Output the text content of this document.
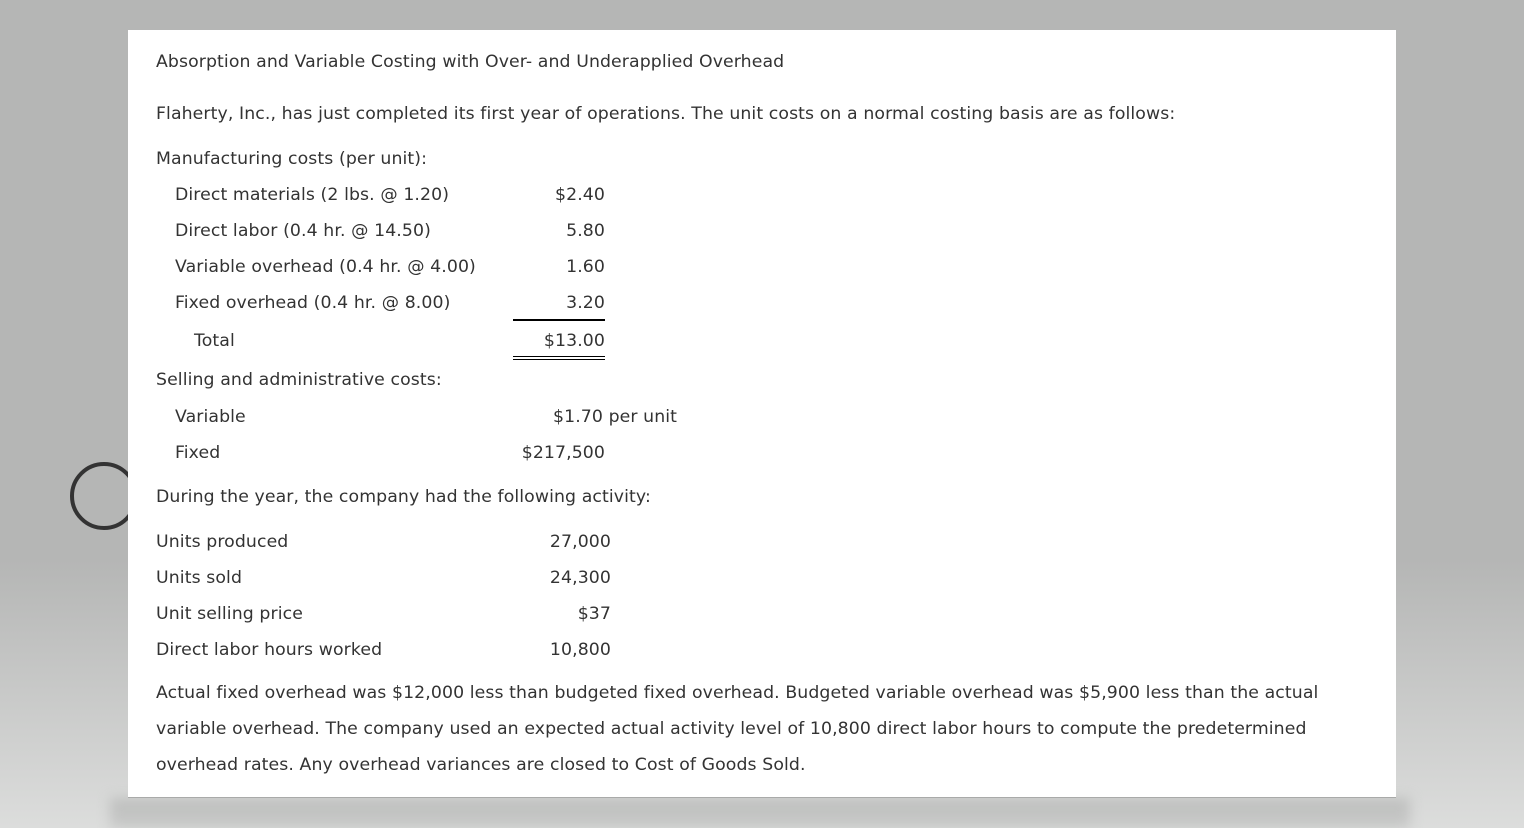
Absorption and Variable Costing with Over- and Underapplied Overhead
Flaherty, Inc., has just completed its first year of operations. The unit costs on a normal costing basis are as follows:
Manufacturing costs (per unit):
Direct materials (2 lbs. @ 1.20)	$2.40
Direct labor (0.4 hr. @ 14.50)	5.80
Variable overhead (0.4 hr. @ 4.00)	1.60
Fixed overhead (0.4 hr. @ 8.00)	3.20
Total	$13.00
Selling and administrative costs:
Variable	$1.70 per unit
Fixed	$217,500
During the year, the company had the following activity:
Units produced	27,000
Units sold	24,300
Unit selling price	$37
Direct labor hours worked	10,800
Actual fixed overhead was $12,000 less than budgeted fixed overhead. Budgeted variable overhead was $5,900 less than the actual
variable overhead. The company used an expected actual activity level of 10,800 direct labor hours to compute the predetermined
overhead rates. Any overhead variances are closed to Cost of Goods Sold.
